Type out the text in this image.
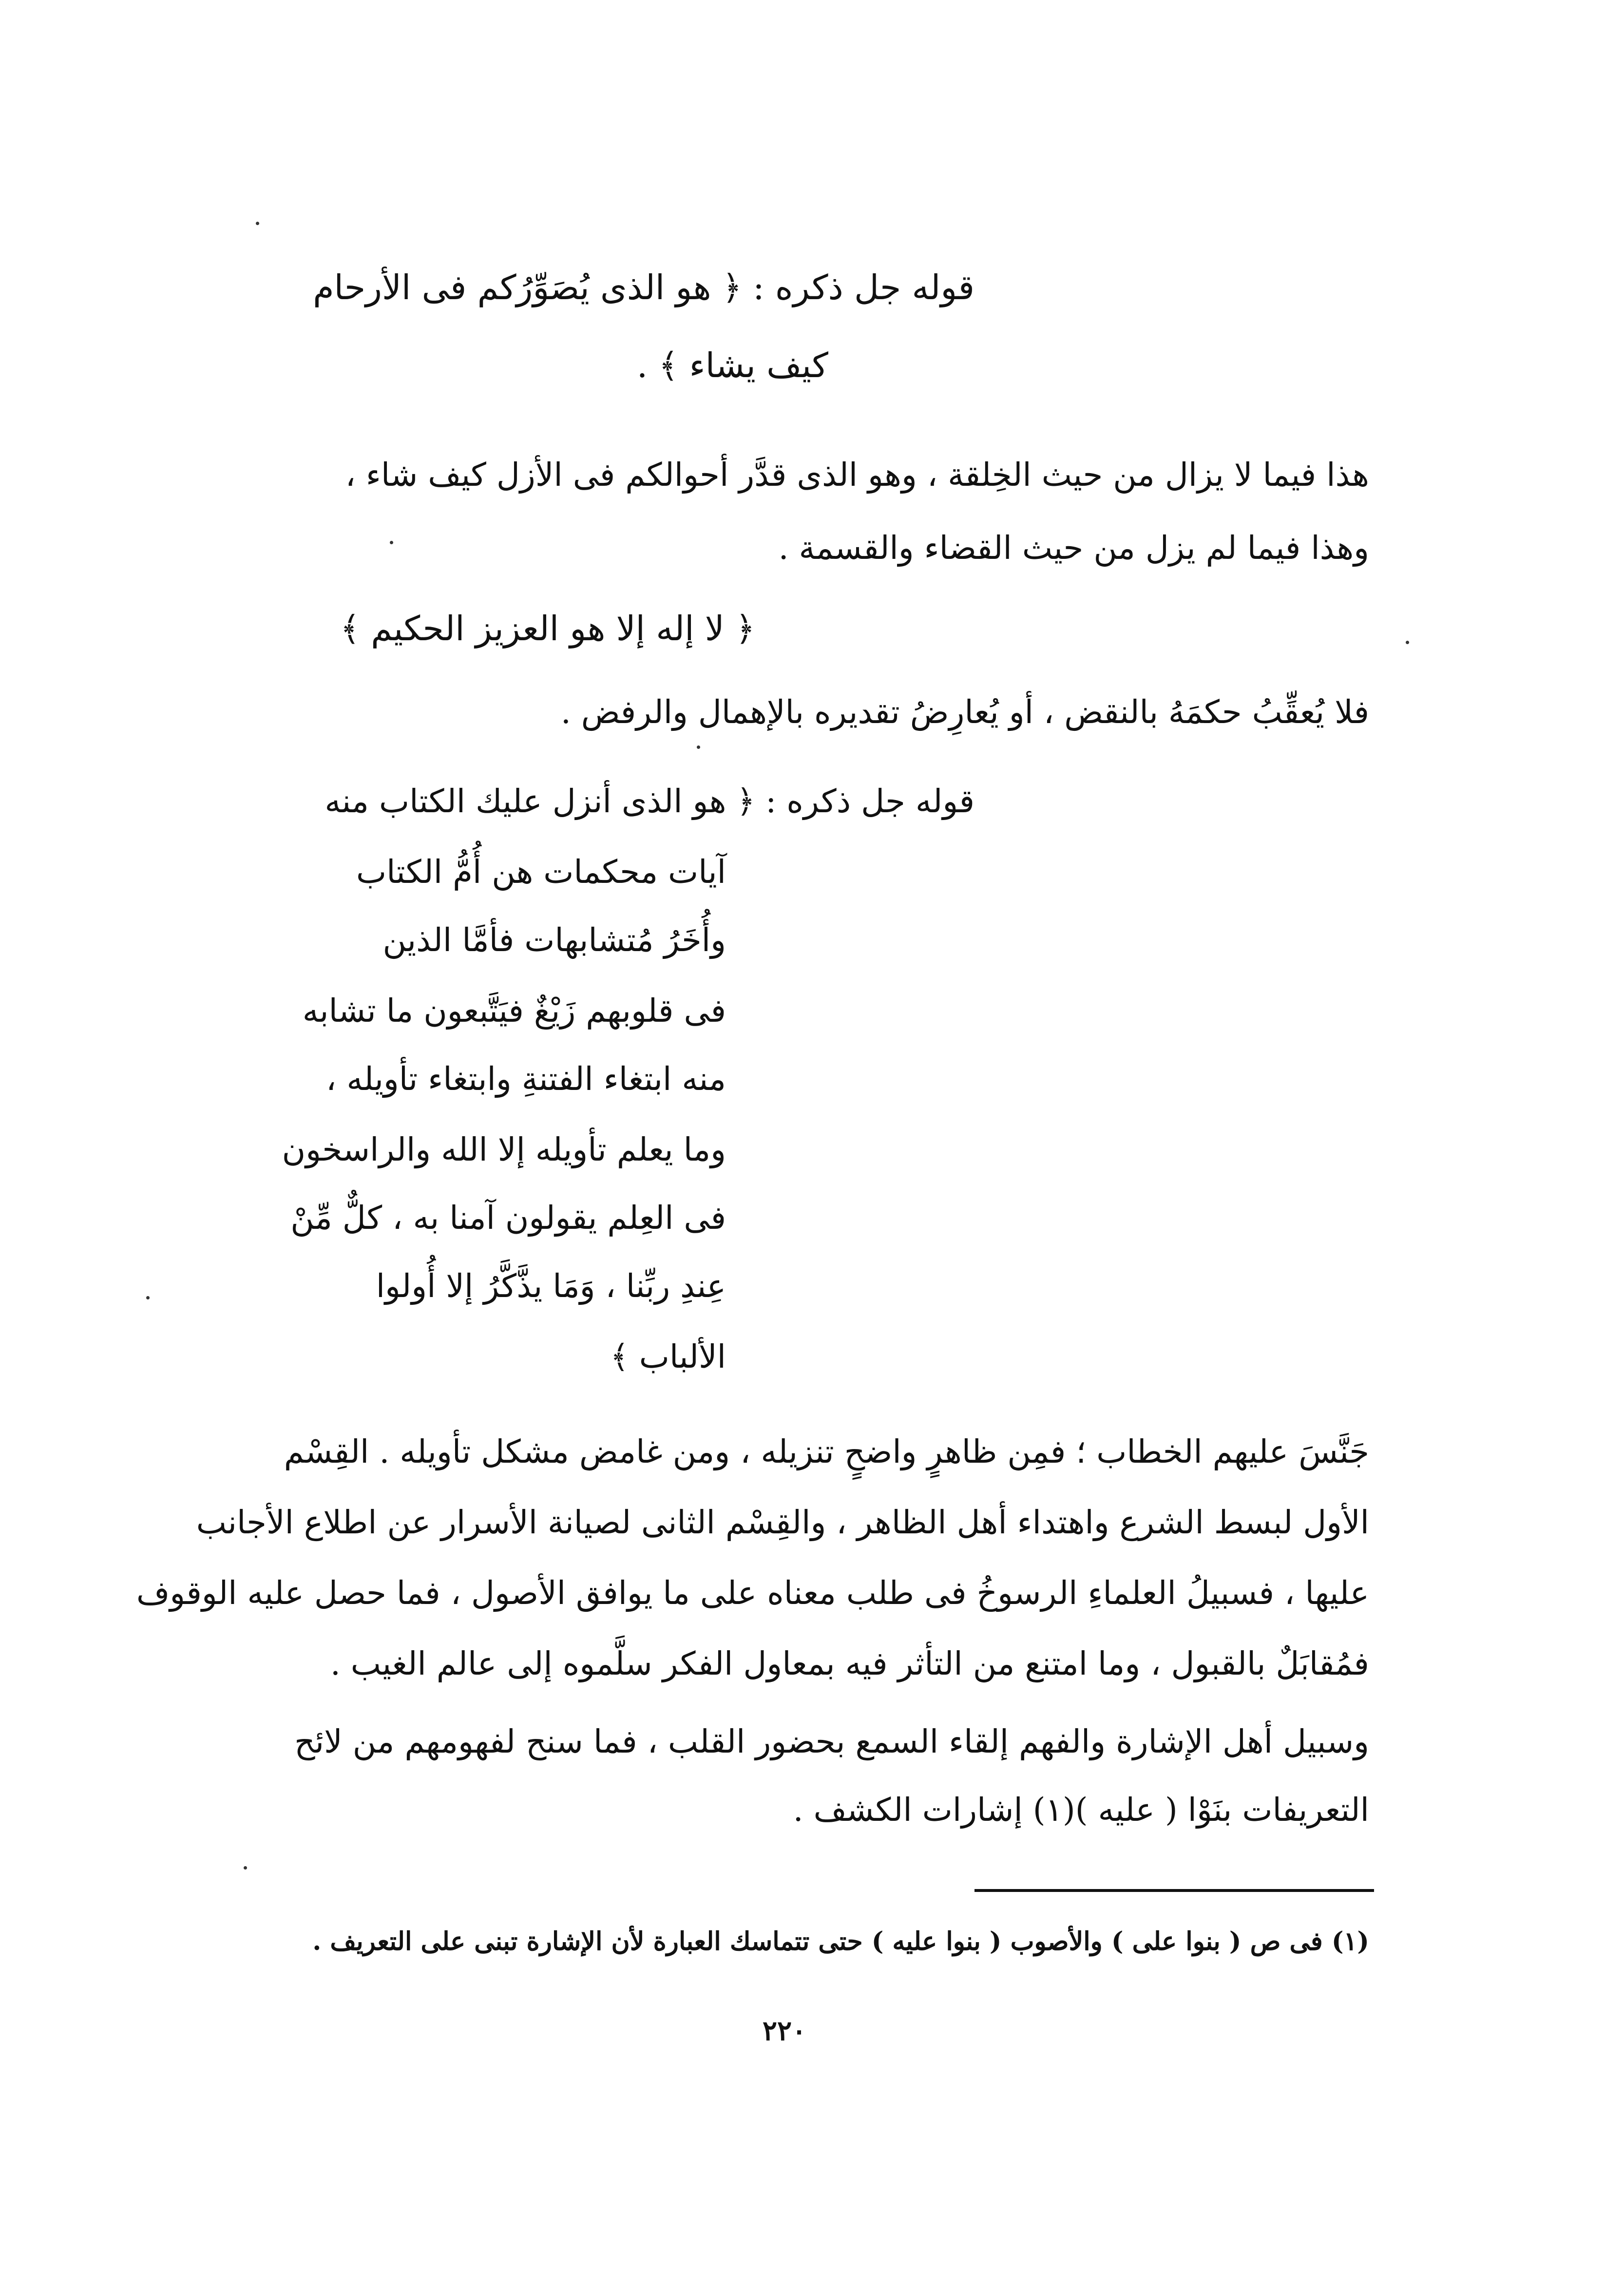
قوله جل ذكره : ﴿ هو الذى يُصَوِّرُكم فى الأرحام
كيف يشاء ﴾ .
هذا فيما لا يزال من حيث الخِلقة ، وهو الذى قدَّر أحوالكم فى الأزل كيف شاء ،
وهذا فيما لم يزل من حيث القضاء والقسمة .
﴿ لا إله إلا هو العزيز الحكيم ﴾
فلا يُعقِّبُ حكمَهُ بالنقض ، أو يُعارِضُ تقديره بالإهمال والرفض .
قوله جل ذكره : ﴿ هو الذى أنزل عليك الكتاب منه
آيات محكمات هن أُمُّ الكتاب
وأُخَرُ مُتشابهات فأمَّا الذين
فى قلوبهم زَيْغٌ فيَتَّبعون ما تشابه
منه ابتغاء الفتنةِ وابتغاء تأويله ،
وما يعلم تأويله إلا الله والراسخون
فى العِلم يقولون آمنا به ، كلٌّ مِّنْ
عِندِ ربِّنا ، وَمَا يذَّكَّرُ إلا أُولوا
الألباب ﴾
جَنَّسَ عليهم الخطاب ؛ فمِن ظاهرٍ واضحٍ تنزيله ، ومن غامض مشكل تأويله . القِسْم
الأول لبسط الشرع واهتداء أهل الظاهر ، والقِسْم الثانى لصيانة الأسرار عن اطلاع الأجانب
عليها ، فسبيلُ العلماءِ الرسوخُ فى طلب معناه على ما يوافق الأصول ، فما حصل عليه الوقوف
فمُقابَلٌ بالقبول ، وما امتنع من التأثر فيه بمعاول الفكر سلَّموه إلى عالم الغيب .
وسبيل أهل الإشارة والفهم إلقاء السمع بحضور القلب ، فما سنح لفهومهم من لائح
التعريفات بنَوْا ( عليه )(١) إشارات الكشف .
(١) فى ص ( بنوا على ) والأصوب ( بنوا عليه ) حتى تتماسك العبارة لأن الإشارة تبنى على التعريف .
٢٢٠
